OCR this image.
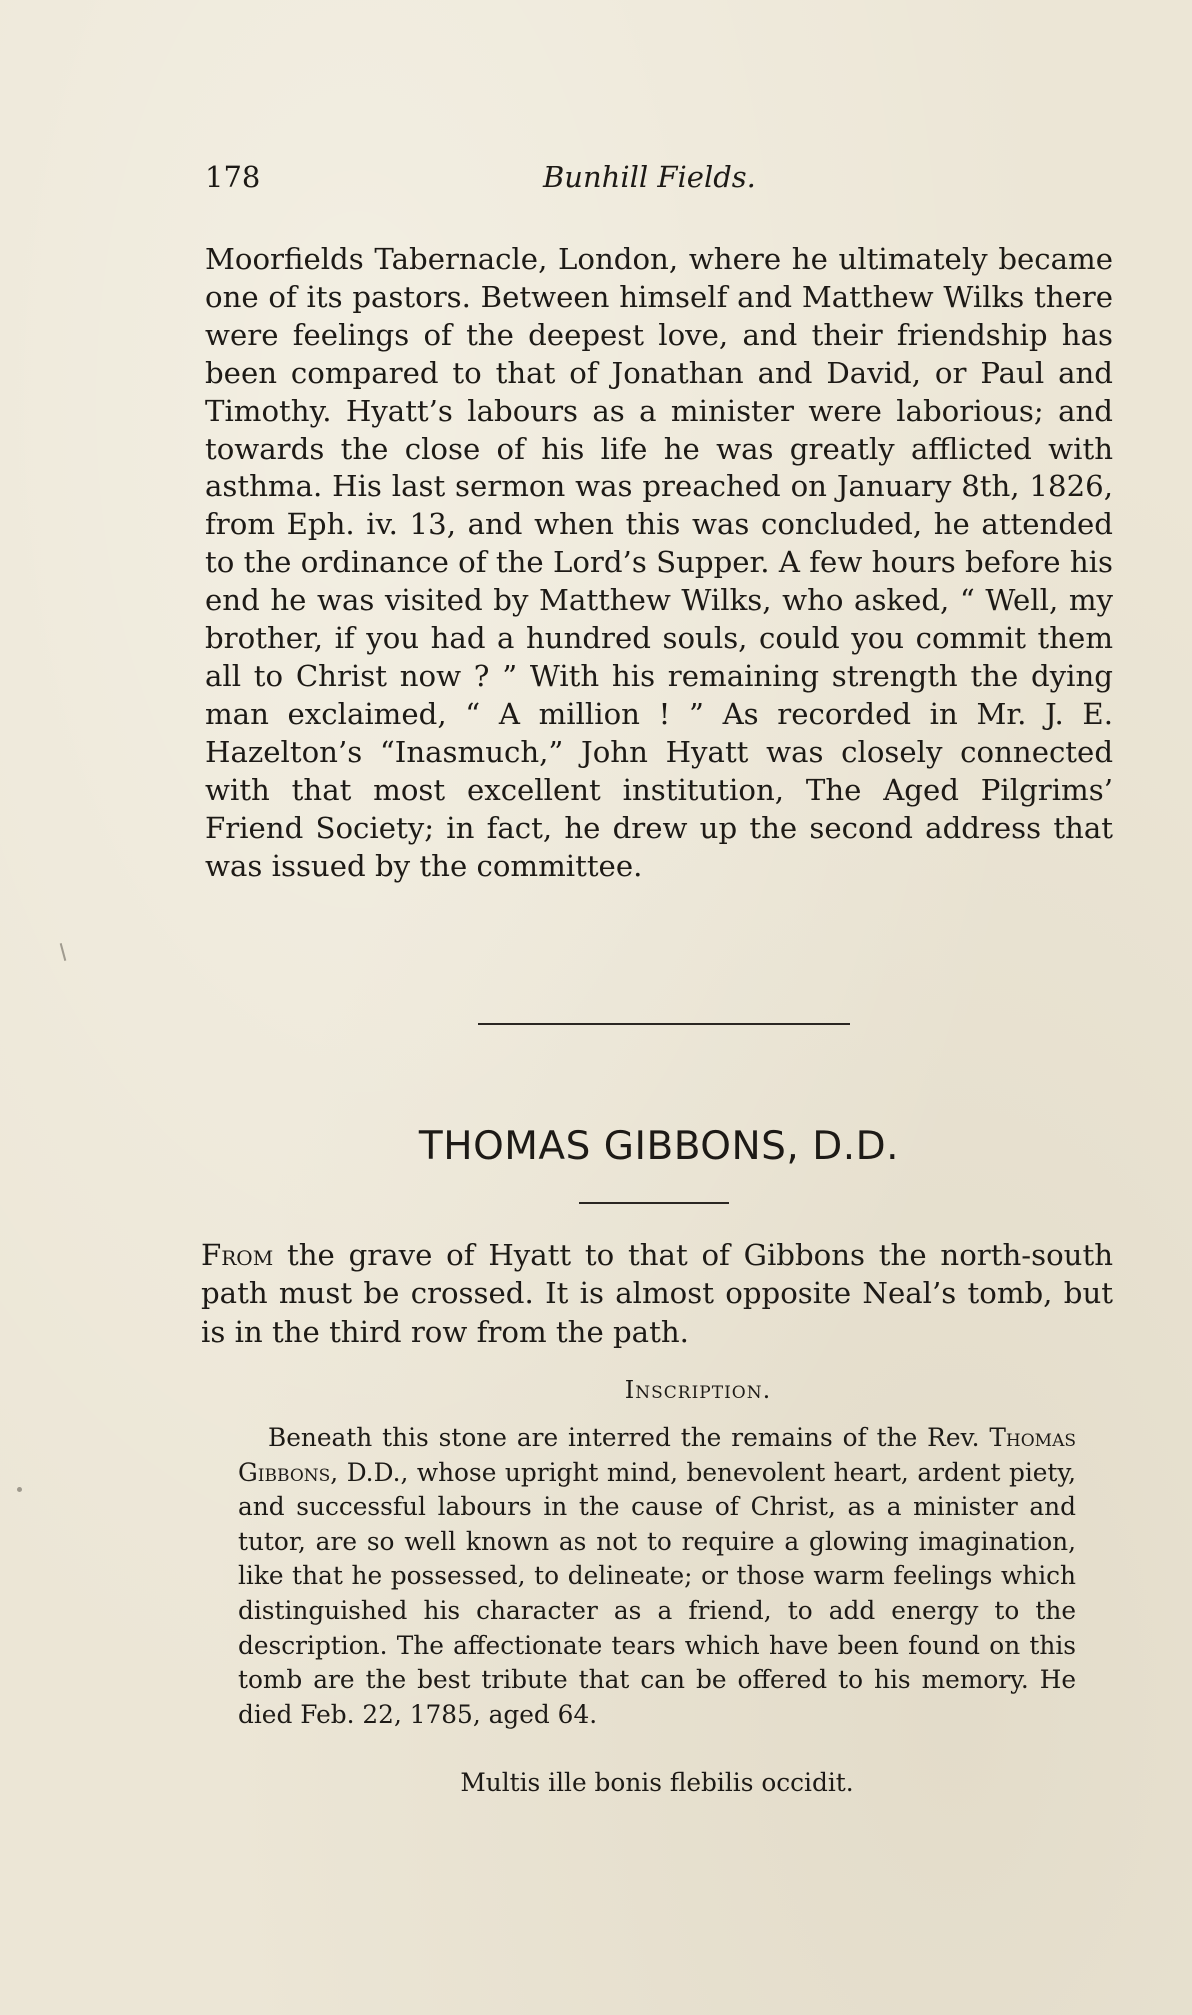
178	Bunhill Fields.

Moorfields Tabernacle, London, where he ultimately became one of its pastors. Between himself and Matthew Wilks there were feelings of the deepest love, and their friendship has been compared to that of Jonathan and David, or Paul and Timothy. Hyatt’s labours as a minister were laborious; and towards the close of his life he was greatly afflicted with asthma. His last sermon was preached on January 8th, 1826, from Eph. iv. 13, and when this was concluded, he attended to the ordinance of the Lord’s Supper. A few hours before his end he was visited by Matthew Wilks, who asked, “ Well, my brother, if you had a hundred souls, could you commit them all to Christ now ? ” With his remaining strength the dying man exclaimed, “ A million ! ” As recorded in Mr. J. E. Hazelton’s “Inasmuch,” John Hyatt was closely connected with that most excellent institution, The Aged Pilgrims’ Friend Society; in fact, he drew up the second address that was issued by the committee.

THOMAS GIBBONS, D.D.

From the grave of Hyatt to that of Gibbons the north-south path must be crossed. It is almost opposite Neal’s tomb, but is in the third row from the path.

Inscription.

Beneath this stone are interred the remains of the Rev. Thomas Gibbons, D.D., whose upright mind, benevolent heart, ardent piety, and successful labours in the cause of Christ, as a minister and tutor, are so well known as not to require a glowing imagination, like that he possessed, to delineate; or those warm feelings which distinguished his character as a friend, to add energy to the description. The affectionate tears which have been found on this tomb are the best tribute that can be offered to his memory. He died Feb. 22, 1785, aged 64.

Multis ille bonis flebilis occidit.
